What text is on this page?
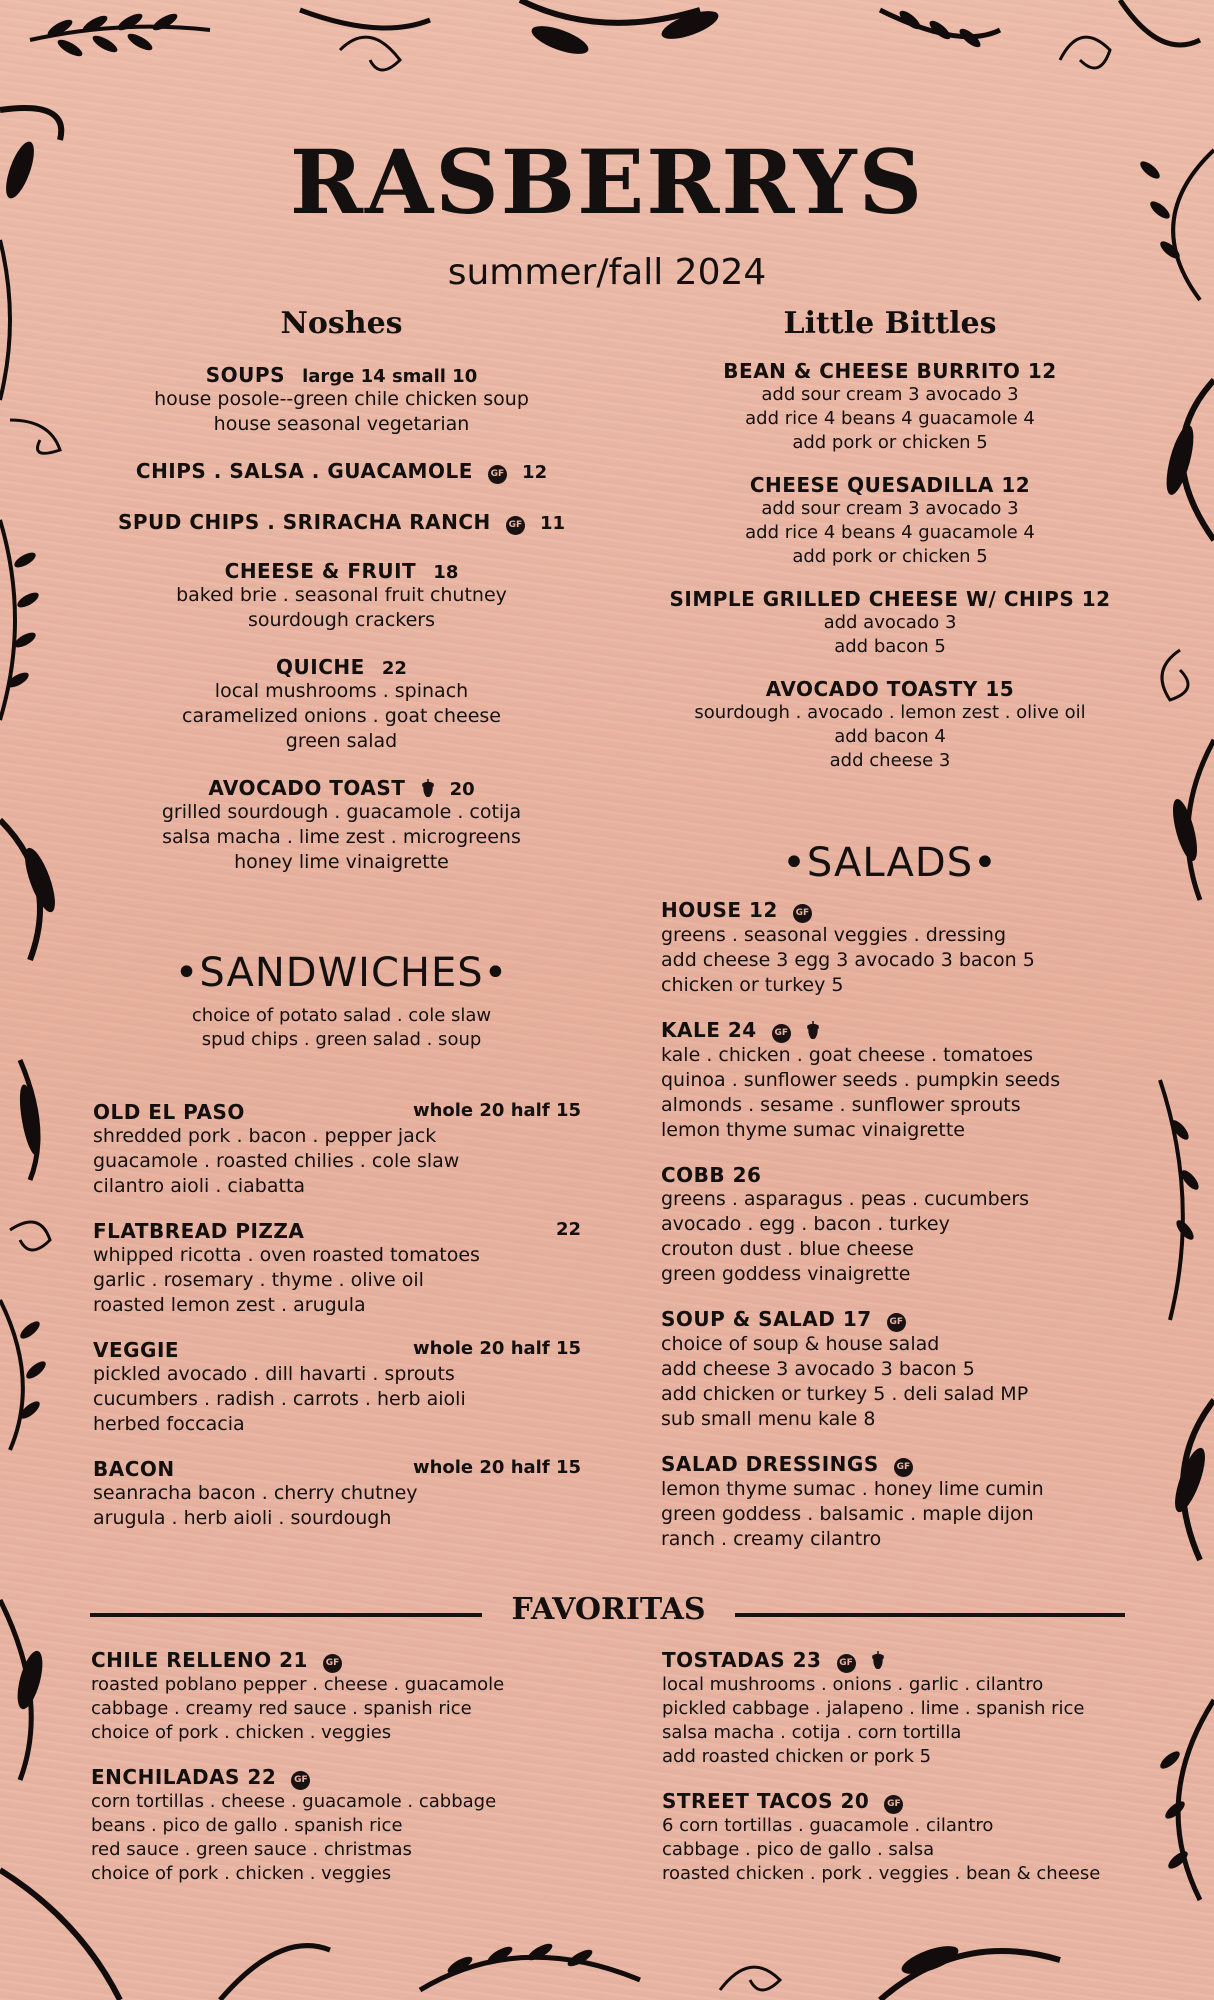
RASBERRYS
summer/fall 2024
Noshes
SOUPS large 14 small 10
house posole--green chile chicken soup
house seasonal vegetarian
CHIPS . SALSA . GUACAMOLE GF 12
SPUD CHIPS . SRIRACHA RANCH GF 11
CHEESE & FRUIT 18
baked brie . seasonal fruit chutney
sourdough crackers
QUICHE 22
local mushrooms . spinach
caramelized onions . goat cheese
green salad
AVOCADO TOAST 20
grilled sourdough . guacamole . cotija
salsa macha . lime zest . microgreens
honey lime vinaigrette
Little Bittles
BEAN & CHEESE BURRITO 12
add sour cream 3 avocado 3
add rice 4 beans 4 guacamole 4
add pork or chicken 5
CHEESE QUESADILLA 12
add sour cream 3 avocado 3
add rice 4 beans 4 guacamole 4
add pork or chicken 5
SIMPLE GRILLED CHEESE W/ CHIPS 12
add avocado 3
add bacon 5
AVOCADO TOASTY 15
sourdough . avocado . lemon zest . olive oil
add bacon 4
add cheese 3
•SANDWICHES•
choice of potato salad . cole slaw
spud chips . green salad . soup
OLD EL PASO	whole 20 half 15
shredded pork . bacon . pepper jack
guacamole . roasted chilies . cole slaw
cilantro aioli . ciabatta
FLATBREAD PIZZA	22
whipped ricotta . oven roasted tomatoes
garlic . rosemary . thyme . olive oil
roasted lemon zest . arugula
VEGGIE	whole 20 half 15
pickled avocado . dill havarti . sprouts
cucumbers . radish . carrots . herb aioli
herbed foccacia
BACON	whole 20 half 15
seanracha bacon . cherry chutney
arugula . herb aioli . sourdough
•SALADS•
HOUSE 12 GF
greens . seasonal veggies . dressing
add cheese 3 egg 3 avocado 3 bacon 5
chicken or turkey 5
KALE 24 GF
kale . chicken . goat cheese . tomatoes
quinoa . sunflower seeds . pumpkin seeds
almonds . sesame . sunflower sprouts
lemon thyme sumac vinaigrette
COBB 26
greens . asparagus . peas . cucumbers
avocado . egg . bacon . turkey
crouton dust . blue cheese
green goddess vinaigrette
SOUP & SALAD 17 GF
choice of soup & house salad
add cheese 3 avocado 3 bacon 5
add chicken or turkey 5 . deli salad MP
sub small menu kale 8
SALAD DRESSINGS GF
lemon thyme sumac . honey lime cumin
green goddess . balsamic . maple dijon
ranch . creamy cilantro
FAVORITAS
CHILE RELLENO 21 GF
roasted poblano pepper . cheese . guacamole
cabbage . creamy red sauce . spanish rice
choice of pork . chicken . veggies
ENCHILADAS 22 GF
corn tortillas . cheese . guacamole . cabbage
beans . pico de gallo . spanish rice
red sauce . green sauce . christmas
choice of pork . chicken . veggies
TOSTADAS 23 GF
local mushrooms . onions . garlic . cilantro
pickled cabbage . jalapeno . lime . spanish rice
salsa macha . cotija . corn tortilla
add roasted chicken or pork 5
STREET TACOS 20 GF
6 corn tortillas . guacamole . cilantro
cabbage . pico de gallo . salsa
roasted chicken . pork . veggies . bean & cheese
